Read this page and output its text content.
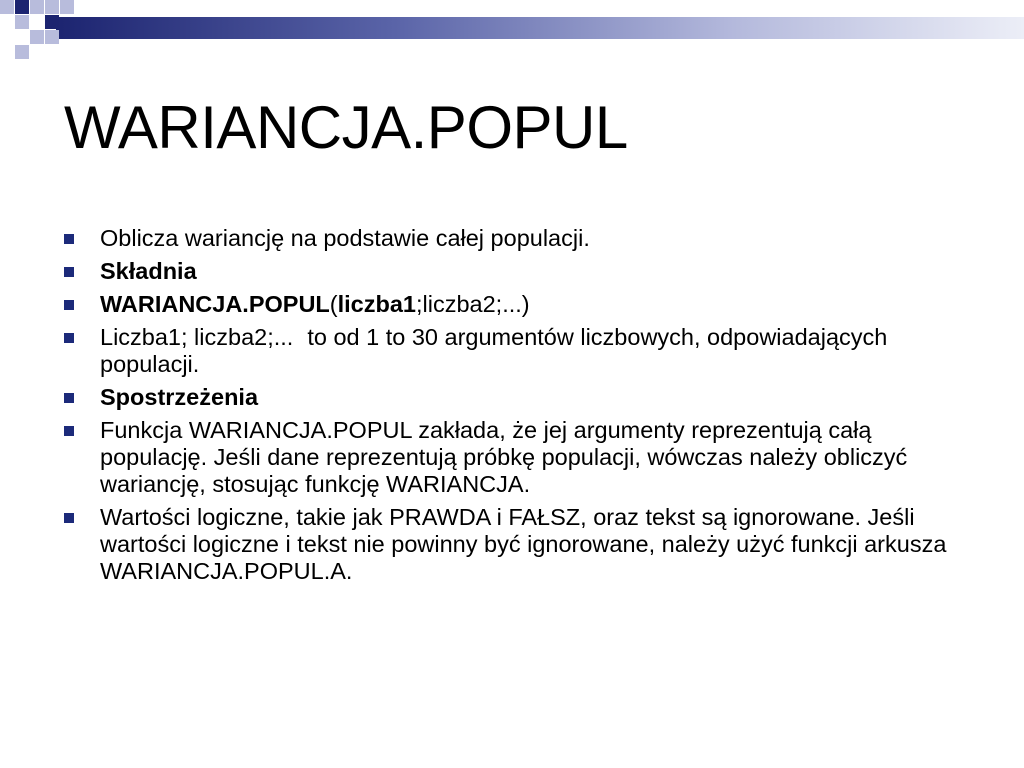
WARIANCJA.POPUL
Oblicza wariancję na podstawie całej populacji.
Składnia
WARIANCJA.POPUL(liczba1;liczba2;...)
Liczba1; liczba2;... to od 1 to 30 argumentów liczbowych, odpowiadających populacji.
Spostrzeżenia
Funkcja WARIANCJA.POPUL zakłada, że jej argumenty reprezentują całą populację. Jeśli dane reprezentują próbkę populacji, wówczas należy obliczyć wariancję, stosując funkcję WARIANCJA.
Wartości logiczne, takie jak PRAWDA i FAŁSZ, oraz tekst są ignorowane. Jeśli wartości logiczne i tekst nie powinny być ignorowane, należy użyć funkcji arkusza WARIANCJA.POPUL.A.
